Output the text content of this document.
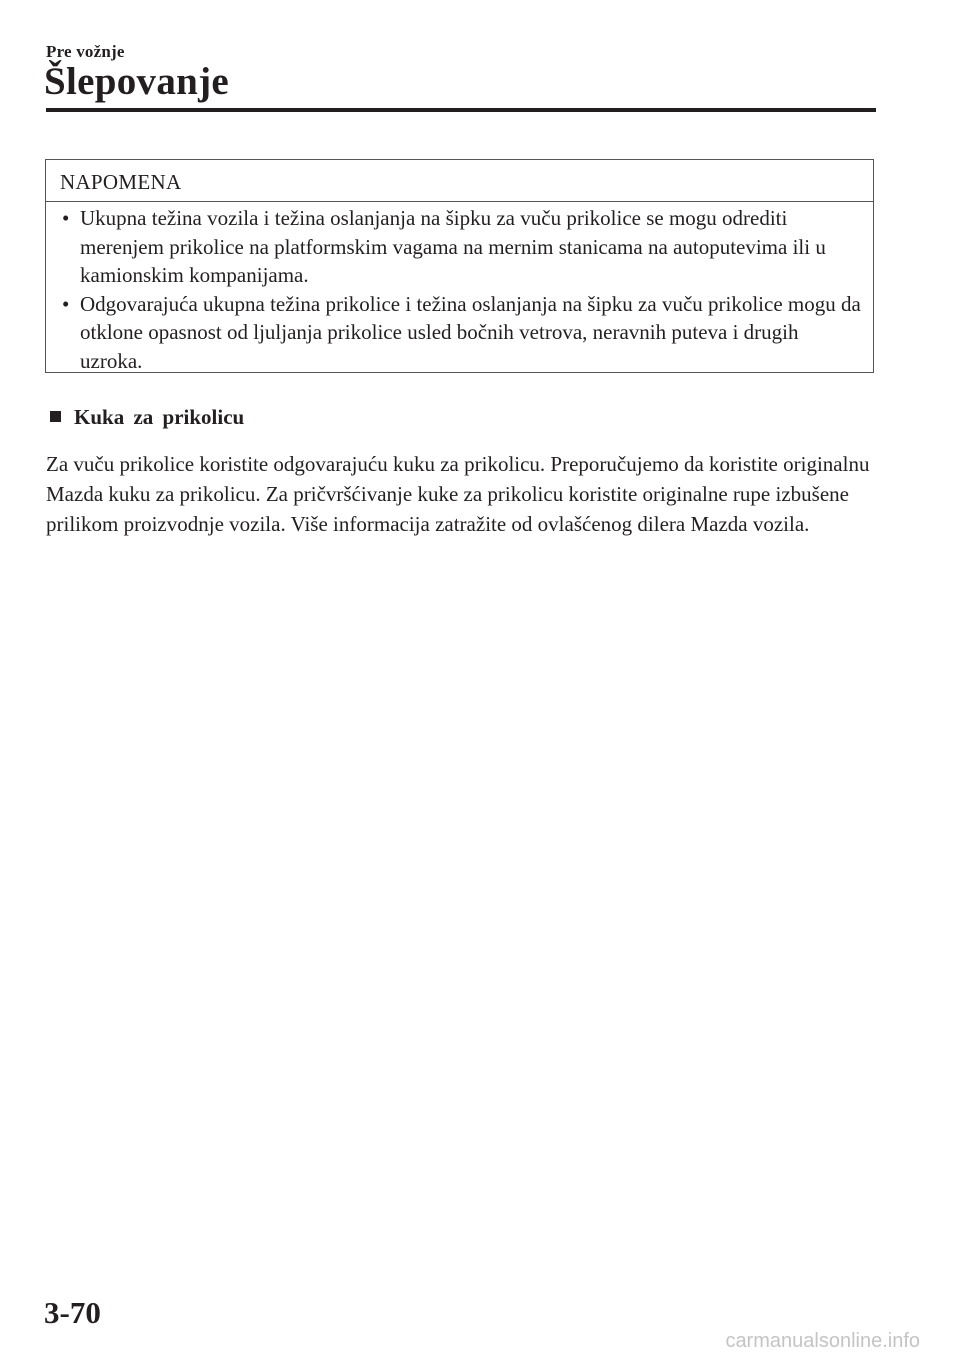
Pre vožnje
Šlepovanje
NAPOMENA
• Ukupna težina vozila i težina oslanjanja na šipku za vuču prikolice se mogu odrediti merenjem prikolice na platformskim vagama na mernim stanicama na autoputevima ili u kamionskim kompanijama.
• Odgovarajuća ukupna težina prikolice i težina oslanjanja na šipku za vuču prikolice mogu da otklone opasnost od ljuljanja prikolice usled bočnih vetrova, neravnih puteva i drugih uzroka.
Kuka za prikolicu

Za vuču prikolice koristite odgovarajuću kuku za prikolicu. Preporučujemo da koristite originalnu Mazda kuku za prikolicu. Za pričvršćivanje kuke za prikolicu koristite originalne rupe izbušene prilikom proizvodnje vozila. Više informacija zatražite od ovlašćenog dilera Mazda vozila.

3-70
carmanualsonline.info
